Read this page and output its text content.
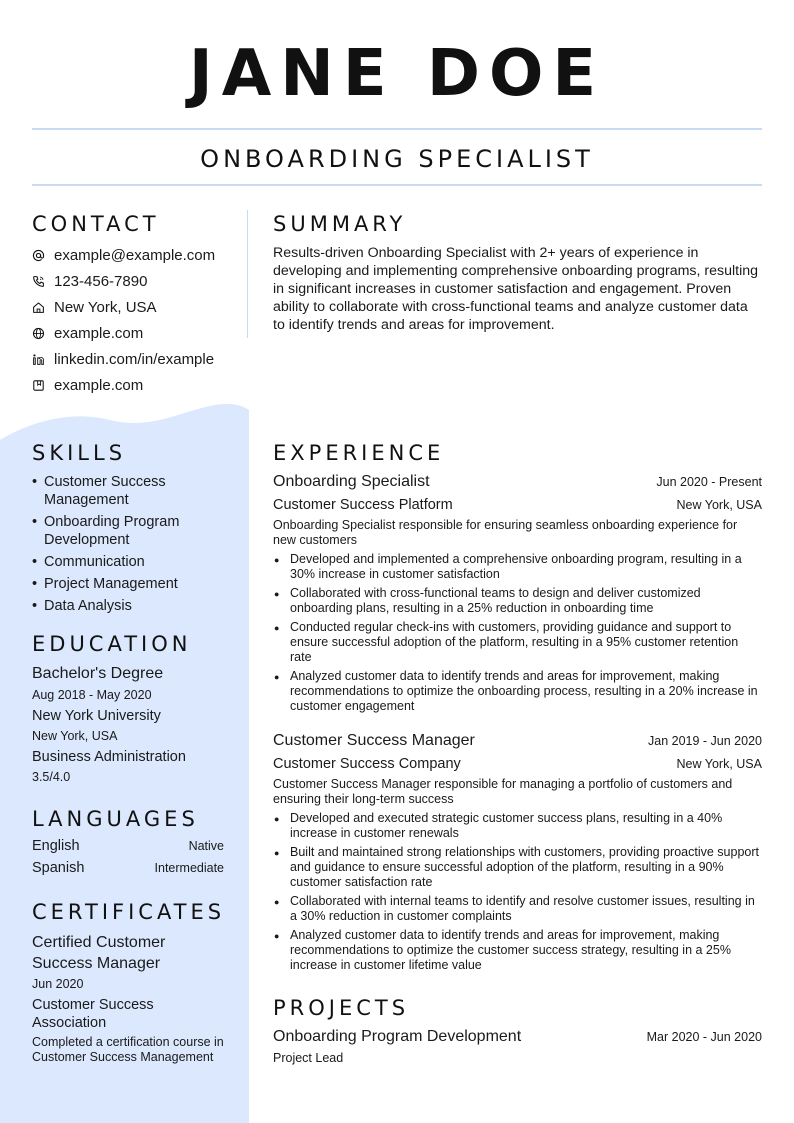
JANE DOE
ONBOARDING SPECIALIST
CONTACT
example@example.com
123-456-7890
New York, USA
example.com
linkedin.com/in/example
example.com
SUMMARY

Results-driven Onboarding Specialist with 2+ years of experience in developing and implementing comprehensive onboarding programs, resulting in significant increases in customer satisfaction and engagement. Proven ability to collaborate with cross-functional teams and analyze customer data to identify trends and areas for improvement.

SKILLS
• Customer Success Management
• Onboarding Program Development
• Communication
• Project Management
• Data Analysis
EDUCATION
Bachelor's Degree
Aug 2018 - May 2020
New York University
New York, USA
Business Administration
3.5/4.0
LANGUAGES
English	Native
Spanish	Intermediate
CERTIFICATES
Certified Customer Success Manager
Jun 2020
Customer Success Association
Completed a certification course in Customer Success Management
EXPERIENCE
Onboarding Specialist	Jun 2020 - Present
Customer Success Platform	New York, USA

Onboarding Specialist responsible for ensuring seamless onboarding experience for new customers

● Developed and implemented a comprehensive onboarding program, resulting in a 30% increase in customer satisfaction
● Collaborated with cross-functional teams to design and deliver customized onboarding plans, resulting in a 25% reduction in onboarding time
● Conducted regular check-ins with customers, providing guidance and support to ensure successful adoption of the platform, resulting in a 95% customer retention rate
● Analyzed customer data to identify trends and areas for improvement, making recommendations to optimize the onboarding process, resulting in a 20% increase in customer engagement
Customer Success Manager	Jan 2019 - Jun 2020
Customer Success Company	New York, USA

Customer Success Manager responsible for managing a portfolio of customers and ensuring their long-term success

● Developed and executed strategic customer success plans, resulting in a 40% increase in customer renewals
● Built and maintained strong relationships with customers, providing proactive support and guidance to ensure successful adoption of the platform, resulting in a 90% customer satisfaction rate
● Collaborated with internal teams to identify and resolve customer issues, resulting in a 30% reduction in customer complaints
● Analyzed customer data to identify trends and areas for improvement, making recommendations to optimize the customer success strategy, resulting in a 25% increase in customer lifetime value
PROJECTS
Onboarding Program Development	Mar 2020 - Jun 2020
Project Lead
